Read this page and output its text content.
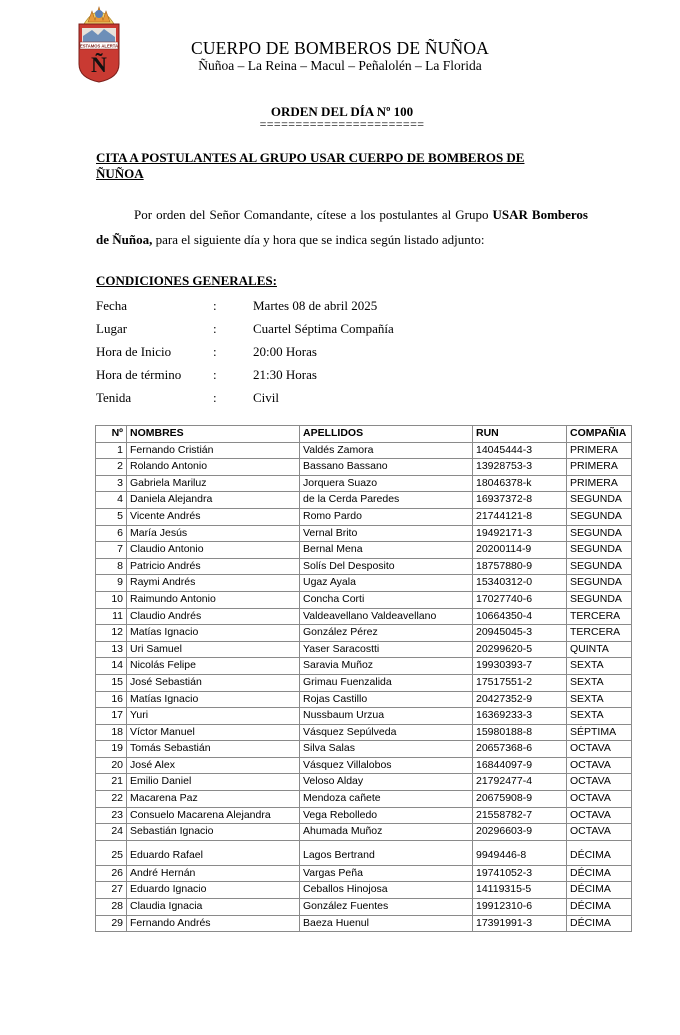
ESTAMOS ALERTA
Ñ
CUERPO DE BOMBEROS DE ÑUÑOA
Ñuñoa – La Reina – Macul – Peñalolén – La Florida
ORDEN DEL DÍA Nº 100
=======================
CITA A POSTULANTES AL GRUPO USAR CUERPO DE BOMBEROS DE ÑUÑOA
Por orden del Señor Comandante, cítese a los postulantes al Grupo USAR Bomberos de Ñuñoa, para el siguiente día y hora que se indica según listado adjunto:
CONDICIONES GENERALES:
Fecha	:	Martes 08 de abril 2025
Lugar	:	Cuartel Séptima Compañía
Hora de Inicio	:	20:00 Horas
Hora de término :	21:30 Horas
Tenida	:	Civil
Nº	NOMBRES	APELLIDOS	RUN	COMPAÑIA
1	Fernando Cristián	Valdés Zamora	14045444-3	PRIMERA
2	Rolando Antonio	Bassano Bassano	13928753-3	PRIMERA
3	Gabriela Mariluz	Jorquera Suazo	18046378-k	PRIMERA
4	Daniela Alejandra	de la Cerda Paredes	16937372-8	SEGUNDA
5	Vicente Andrés	Romo Pardo	21744121-8	SEGUNDA
6	María Jesús	Vernal Brito	19492171-3	SEGUNDA
7	Claudio Antonio	Bernal Mena	20200114-9	SEGUNDA
8	Patricio Andrés	Solís Del Desposito	18757880-9	SEGUNDA
9	Raymi Andrés	Ugaz Ayala	15340312-0	SEGUNDA
10	Raimundo Antonio	Concha Corti	17027740-6	SEGUNDA
11	Claudio Andrés	Valdeavellano Valdeavellano	10664350-4	TERCERA
12	Matías Ignacio	González Pérez	20945045-3	TERCERA
13	Uri Samuel	Yaser Saracostti	20299620-5	QUINTA
14	Nicolás Felipe	Saravia Muñoz	19930393-7	SEXTA
15	José Sebastián	Grimau Fuenzalida	17517551-2	SEXTA
16	Matías Ignacio	Rojas Castillo	20427352-9	SEXTA
17	Yuri	Nussbaum Urzua	16369233-3	SEXTA
18	Víctor Manuel	Vásquez Sepúlveda	15980188-8	SÉPTIMA
19	Tomás Sebastián	Silva Salas	20657368-6	OCTAVA
20	José Alex	Vásquez Villalobos	16844097-9	OCTAVA
21	Emilio Daniel	Veloso Alday	21792477-4	OCTAVA
22	Macarena Paz	Mendoza cañete	20675908-9	OCTAVA
23	Consuelo Macarena Alejandra	Vega Rebolledo	21558782-7	OCTAVA
24	Sebastián Ignacio	Ahumada Muñoz	20296603-9	OCTAVA
25	Eduardo Rafael	Lagos Bertrand	9949446-8	DÉCIMA
26	André Hernán	Vargas Peña	19741052-3	DÉCIMA
27	Eduardo Ignacio	Ceballos Hinojosa	14119315-5	DÉCIMA
28	Claudia Ignacia	González Fuentes	19912310-6	DÉCIMA
29	Fernando Andrés	Baeza Huenul	17391991-3	DÉCIMA
